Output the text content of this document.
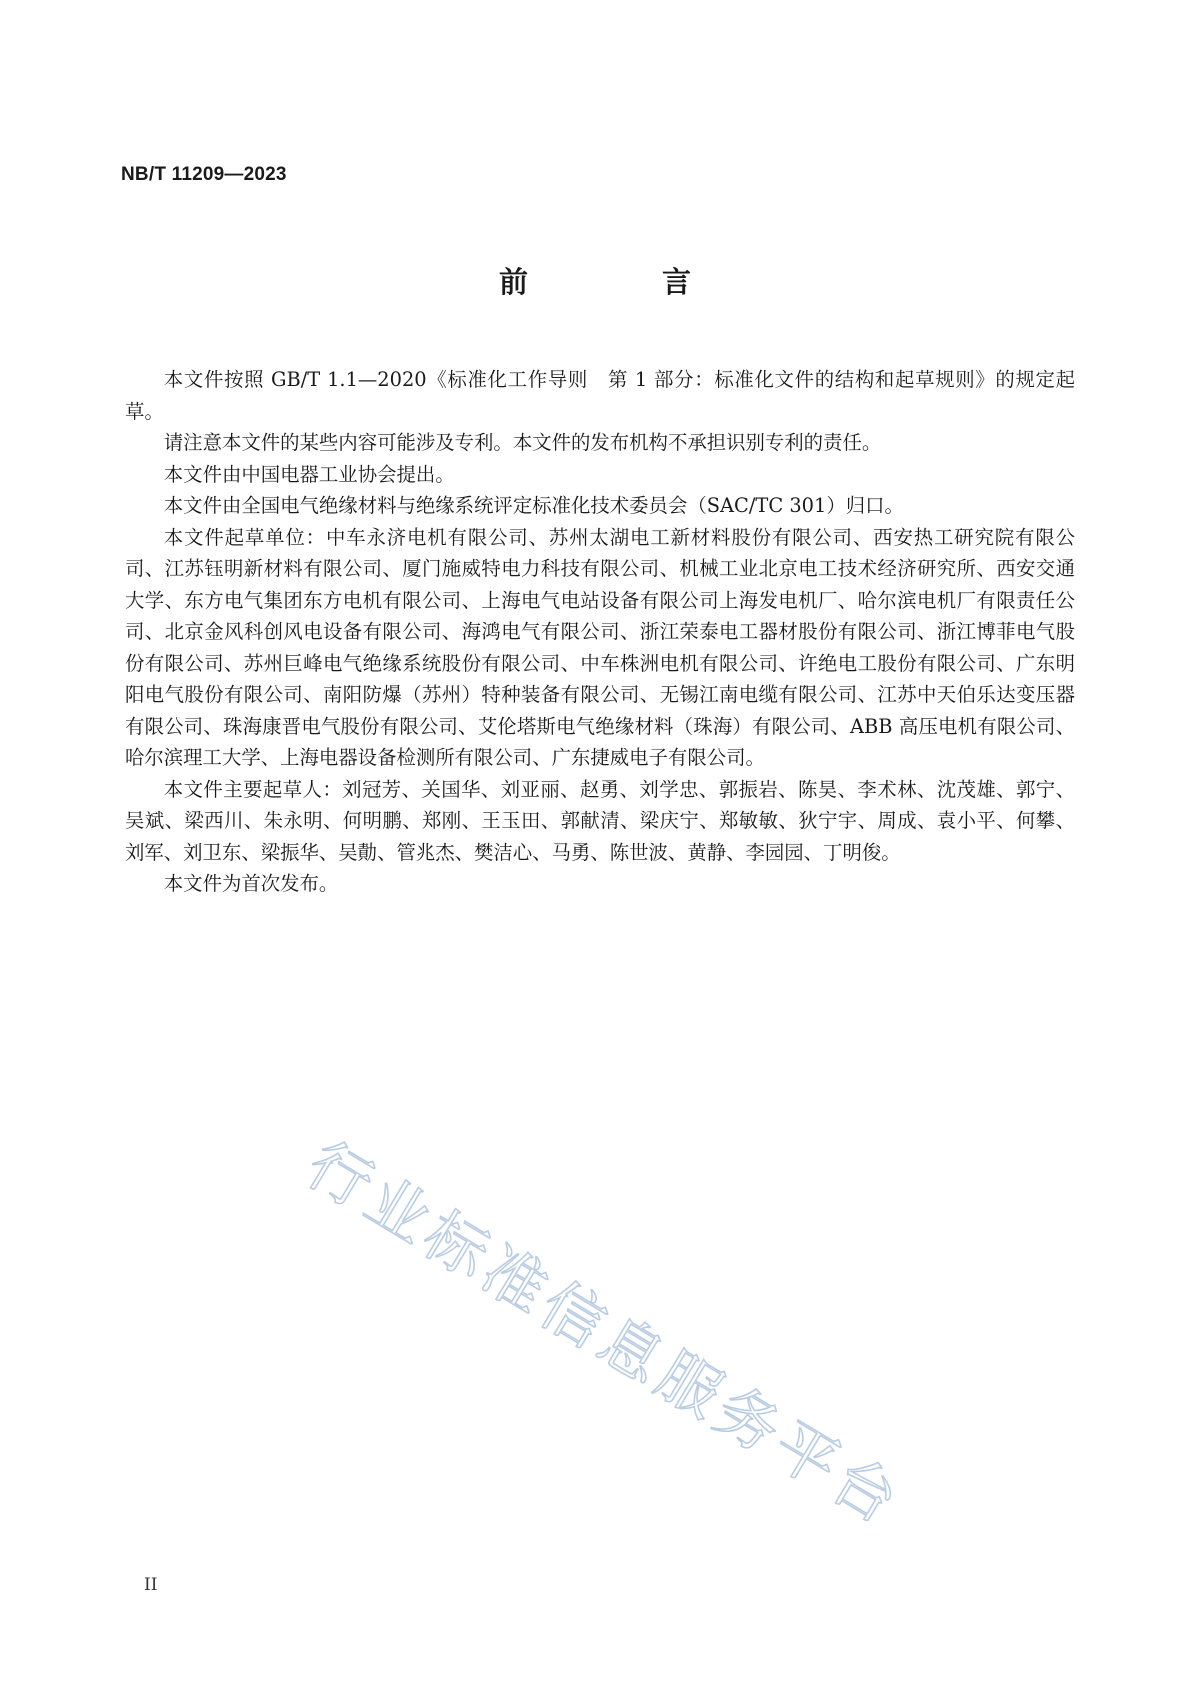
NB/T 11209—2023
前 言

本文件按照 GB/T 1.1—2020《标准化工作导则　第 1 部分：标准化文件的结构和起草规则》的规定起草。

请注意本文件的某些内容可能涉及专利。本文件的发布机构不承担识别专利的责任。

本文件由中国电器工业协会提出。

本文件由全国电气绝缘材料与绝缘系统评定标准化技术委员会（SAC/TC 301）归口。

本文件起草单位：中车永济电机有限公司、苏州太湖电工新材料股份有限公司、西安热工研究院有限公司、江苏钰明新材料有限公司、厦门施威特电力科技有限公司、机械工业北京电工技术经济研究所、西安交通大学、东方电气集团东方电机有限公司、上海电气电站设备有限公司上海发电机厂、哈尔滨电机厂有限责任公司、北京金风科创风电设备有限公司、海鸿电气有限公司、浙江荣泰电工器材股份有限公司、浙江博菲电气股份有限公司、苏州巨峰电气绝缘系统股份有限公司、中车株洲电机有限公司、许绝电工股份有限公司、广东明阳电气股份有限公司、南阳防爆（苏州）特种装备有限公司、无锡江南电缆有限公司、江苏中天伯乐达变压器有限公司、珠海康晋电气股份有限公司、艾伦塔斯电气绝缘材料（珠海）有限公司、ABB 高压电机有限公司、哈尔滨理工大学、上海电器设备检测所有限公司、广东捷威电子有限公司。

本文件主要起草人：刘冠芳、关国华、刘亚丽、赵勇、刘学忠、郭振岩、陈昊、李术林、沈茂雄、郭宁、吴斌、梁西川、朱永明、何明鹏、郑刚、王玉田、郭献清、梁庆宁、郑敏敏、狄宁宇、周成、袁小平、何攀、刘军、刘卫东、梁振华、吴勣、管兆杰、樊洁心、马勇、陈世波、黄静、李园园、丁明俊。

本文件为首次发布。

行业标准信息服务平台
II
